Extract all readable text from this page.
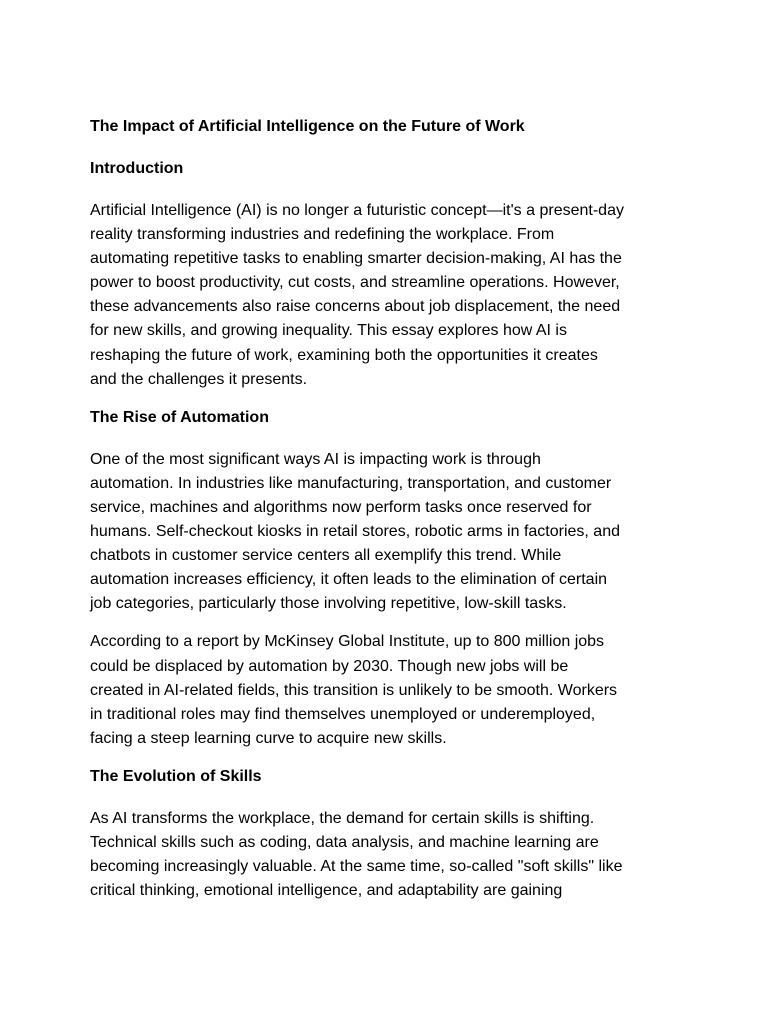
The Impact of Artificial Intelligence on the Future of Work
Introduction
Artificial Intelligence (AI) is no longer a futuristic concept—it's a present-day
reality transforming industries and redefining the workplace. From
automating repetitive tasks to enabling smarter decision-making, AI has the
power to boost productivity, cut costs, and streamline operations. However,
these advancements also raise concerns about job displacement, the need
for new skills, and growing inequality. This essay explores how AI is
reshaping the future of work, examining both the opportunities it creates
and the challenges it presents.
The Rise of Automation
One of the most significant ways AI is impacting work is through
automation. In industries like manufacturing, transportation, and customer
service, machines and algorithms now perform tasks once reserved for
humans. Self-checkout kiosks in retail stores, robotic arms in factories, and
chatbots in customer service centers all exemplify this trend. While
automation increases efficiency, it often leads to the elimination of certain
job categories, particularly those involving repetitive, low-skill tasks.
According to a report by McKinsey Global Institute, up to 800 million jobs
could be displaced by automation by 2030. Though new jobs will be
created in AI-related fields, this transition is unlikely to be smooth. Workers
in traditional roles may find themselves unemployed or underemployed,
facing a steep learning curve to acquire new skills.
The Evolution of Skills
As AI transforms the workplace, the demand for certain skills is shifting.
Technical skills such as coding, data analysis, and machine learning are
becoming increasingly valuable. At the same time, so-called "soft skills" like
critical thinking, emotional intelligence, and adaptability are gaining
